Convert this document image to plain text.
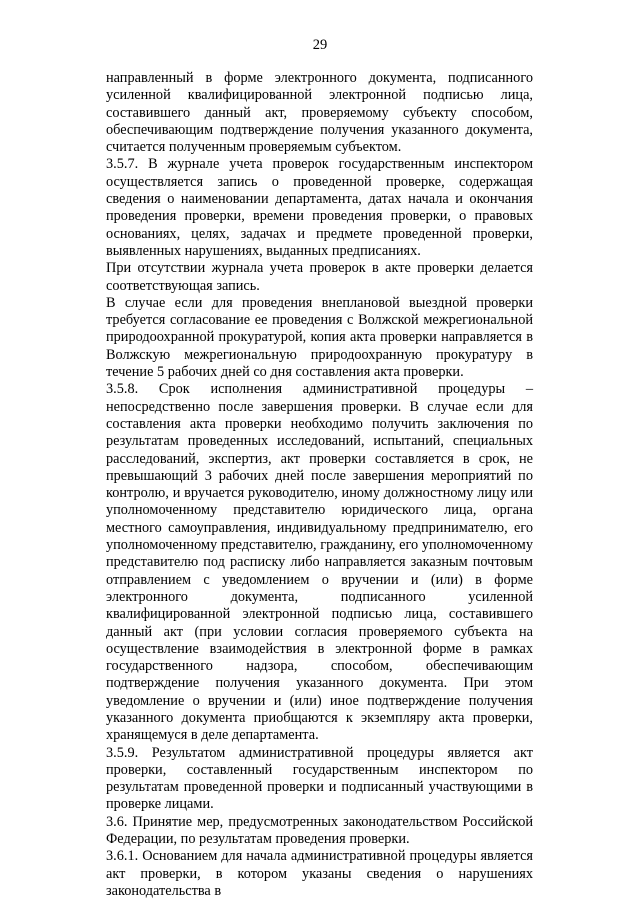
29

направленный в форме электронного документа, подписанного усиленной квалифицированной электронной подписью лица, составившего данный акт, проверяемому субъекту способом, обеспечивающим подтверждение получения указанного документа, считается полученным проверяемым субъектом.

3.5.7. В журнале учета проверок государственным инспектором осуществляется запись о проведенной проверке, содержащая сведения о наименовании департамента, датах начала и окончания проведения проверки, времени проведения проверки, о правовых основаниях, целях, задачах и предмете проведенной проверки, выявленных нарушениях, выданных предписаниях.

При отсутствии журнала учета проверок в акте проверки делается соответствующая запись.

В случае если для проведения внеплановой выездной проверки требуется согласование ее проведения с Волжской межрегиональной природоохранной прокуратурой, копия акта проверки направляется в Волжскую межрегиональную природоохранную прокуратуру в течение 5 рабочих дней со дня составления акта проверки.

3.5.8. Срок исполнения административной процедуры – непосредственно после завершения проверки. В случае если для составления акта проверки необходимо получить заключения по результатам проведенных исследований, испытаний, специальных расследований, экспертиз, акт проверки составляется в срок, не превышающий 3 рабочих дней после завершения мероприятий по контролю, и вручается руководителю, иному должностному лицу или уполномоченному представителю юридического лица, органа местного самоуправления, индивидуальному предпринимателю, его уполномоченному представителю, гражданину, его уполномоченному представителю под расписку либо направляется заказным почтовым отправлением с уведомлением о вручении и (или) в форме электронного документа, подписанного усиленной квалифицированной электронной подписью лица, составившего данный акт (при условии согласия проверяемого субъекта на осуществление взаимодействия в электронной форме в рамках государственного надзора, способом, обеспечивающим подтверждение получения указанного документа. При этом уведомление о вручении и (или) иное подтверждение получения указанного документа приобщаются к экземпляру акта проверки, хранящемуся в деле департамента.

3.5.9. Результатом административной процедуры является акт проверки, составленный государственным инспектором по результатам проведенной проверки и подписанный участвующими в проверке лицами.

3.6. Принятие мер, предусмотренных законодательством Российской Федерации, по результатам проведения проверки.

3.6.1. Основанием для начала административной процедуры является акт проверки, в котором указаны сведения о нарушениях законодательства в
